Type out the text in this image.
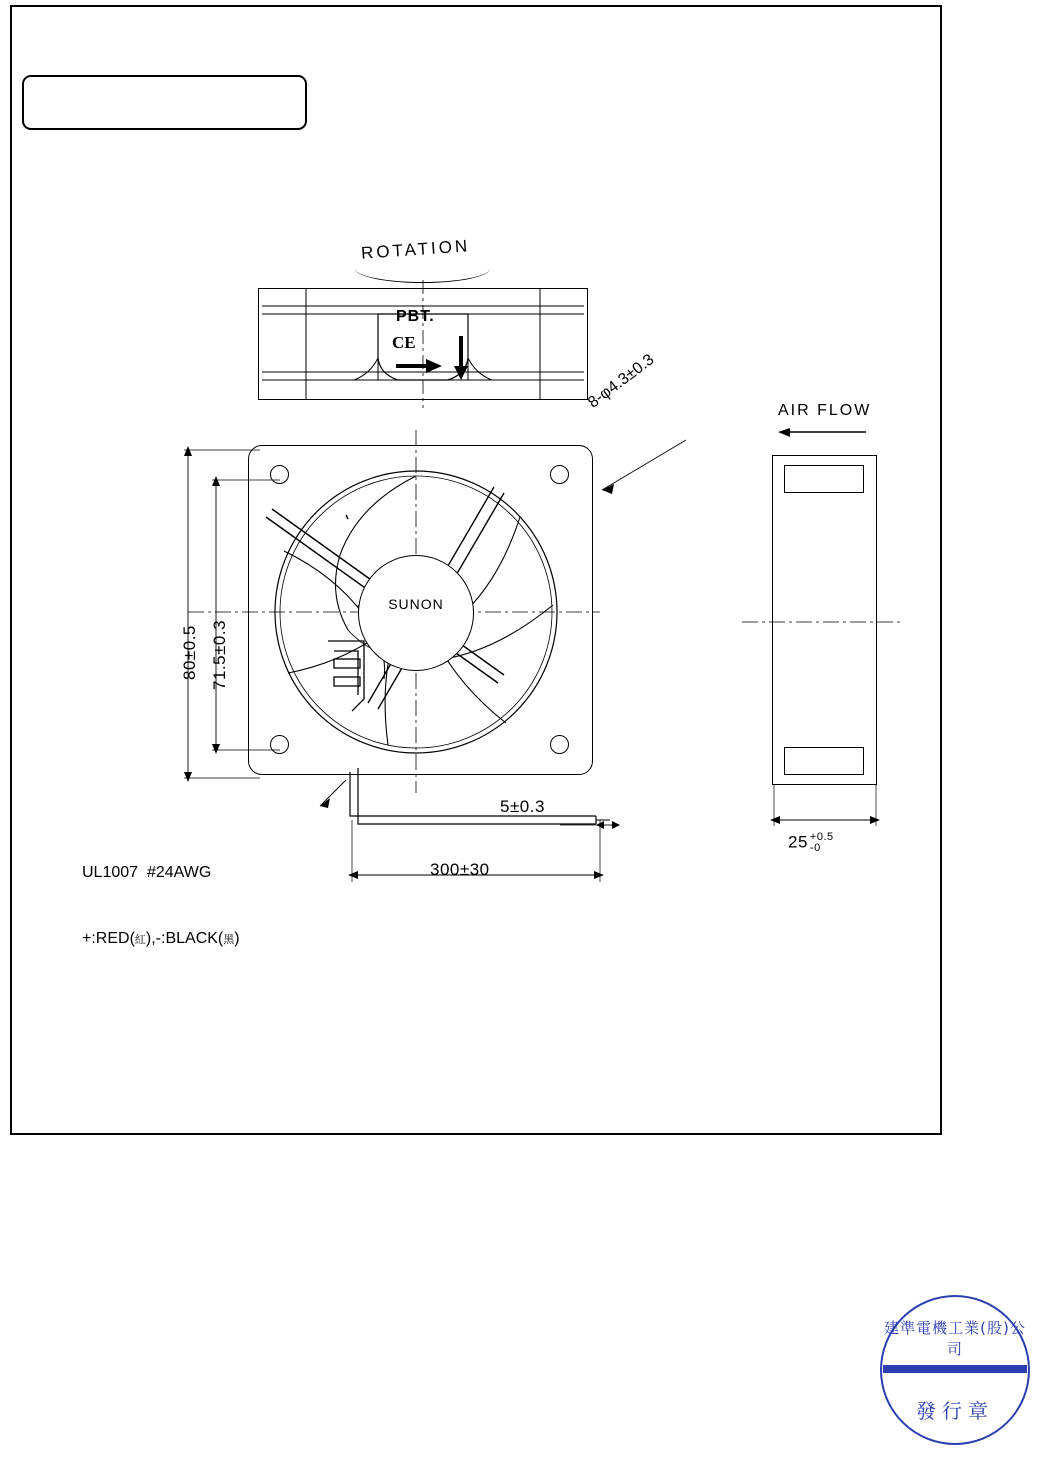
ROTATION
PBT.
CE
SUNON
80±0.5 71.5±0.3
300±30
5±0.3
8-φ4.3±0.3

UL1007  #24AWG

+:RED(紅),-:BLACK(黑)

AIR FLOW
25 +0.5
-0
建準電機工業(股)公司
發行章
